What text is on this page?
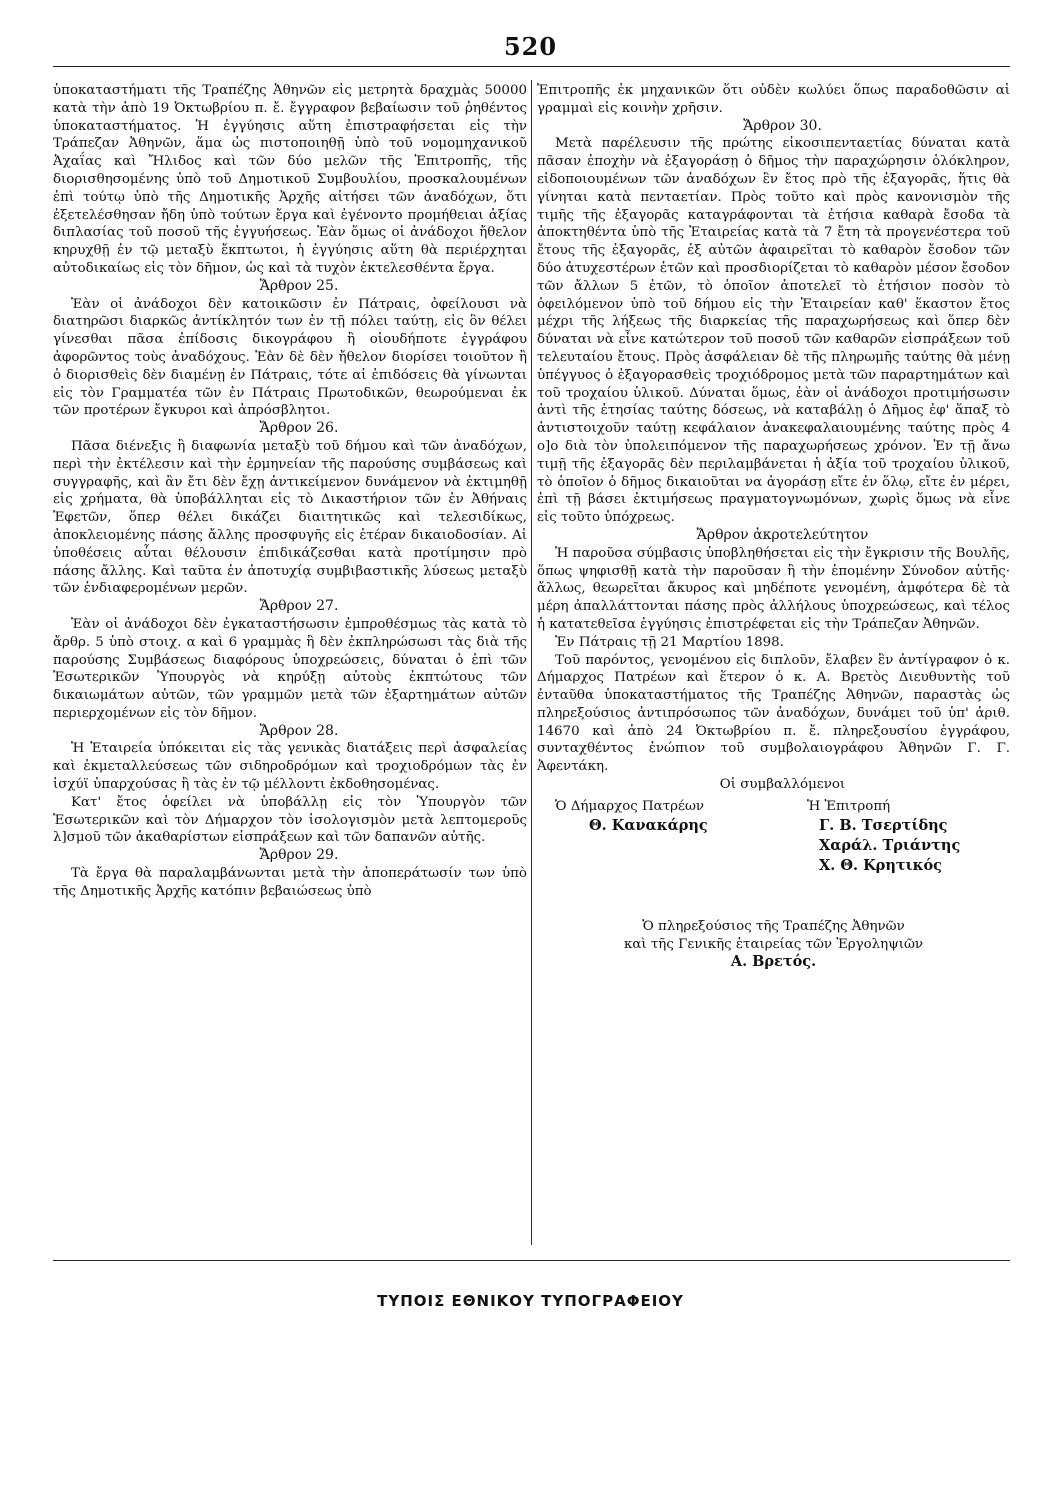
520

ὑποκαταστήματι τῆς Τραπέζης Ἀθηνῶν εἰς μετρητὰ δραχμὰς 50000 κατὰ τὴν ἀπὸ 19 Ὀκτωβρίου π. ἔ. ἔγγραφον βεβαίωσιν τοῦ ῥηθέντος ὑποκαταστήματος. Ἡ ἐγγύησις αὕτη ἐπιστραφήσεται εἰς τὴν Τράπεζαν Ἀθηνῶν, ἅμα ὡς πιστοποιηθῇ ὑπὸ τοῦ νομομηχανικοῦ Ἀχαΐας καὶ Ἤλιδος καὶ τῶν δύο μελῶν τῆς Ἐπιτροπῆς, τῆς διορισθησομένης ὑπὸ τοῦ Δημοτικοῦ Συμβουλίου, προσκαλουμένων ἐπὶ τούτῳ ὑπὸ τῆς Δημοτικῆς Ἀρχῆς αἰτήσει τῶν ἀναδόχων, ὅτι ἐξετελέσθησαν ἤδη ὑπὸ τούτων ἔργα καὶ ἐγένοντο προμήθειαι ἀξίας διπλασίας τοῦ ποσοῦ τῆς ἐγγυήσεως. Ἐὰν ὅμως οἱ ἀνάδοχοι ἤθελον κηρυχθῇ ἐν τῷ μεταξὺ ἔκπτωτοι, ἡ ἐγγύησις αὕτη θὰ περιέρχηται αὐτοδικαίως εἰς τὸν δῆμον, ὡς καὶ τὰ τυχὸν ἐκτελεσθέντα ἔργα.

Ἄρθρον 25.

Ἐὰν οἱ ἀνάδοχοι δὲν κατοικῶσιν ἐν Πάτραις, ὀφείλουσι νὰ διατηρῶσι διαρκῶς ἀντίκλητόν των ἐν τῇ πόλει ταύτῃ, εἰς ὃν θέλει γίνεσθαι πᾶσα ἐπίδοσις δικογράφου ἢ οἱουδήποτε ἐγγράφου ἀφορῶντος τοὺς ἀναδόχους. Ἐὰν δὲ δὲν ἤθελον διορίσει τοιοῦτον ἢ ὁ διορισθεὶς δὲν διαμένῃ ἐν Πάτραις, τότε αἱ ἐπιδόσεις θὰ γίνωνται εἰς τὸν Γραμματέα τῶν ἐν Πάτραις Πρωτοδικῶν, θεωρούμεναι ἐκ τῶν προτέρων ἔγκυροι καὶ ἀπρόσβλητοι.

Ἄρθρον 26.

Πᾶσα διένεξις ἢ διαφωνία μεταξὺ τοῦ δήμου καὶ τῶν ἀναδόχων, περὶ τὴν ἐκτέλεσιν καὶ τὴν ἑρμηνείαν τῆς παρούσης συμβάσεως καὶ συγγραφῆς, καὶ ἂν ἔτι δὲν ἔχῃ ἀντικείμενον δυνάμενον νὰ ἐκτιμηθῇ εἰς χρήματα, θὰ ὑποβάλληται εἰς τὸ Δικαστήριον τῶν ἐν Ἀθήναις Ἐφετῶν, ὅπερ θέλει δικάζει διαιτητικῶς καὶ τελεσιδίκως, ἀποκλειομένης πάσης ἄλλης προσφυγῆς εἰς ἑτέραν δικαιοδοσίαν. Αἱ ὑποθέσεις αὗται θέλουσιν ἐπιδικάζεσθαι κατὰ προτίμησιν πρὸ πάσης ἄλλης. Καὶ ταῦτα ἐν ἀποτυχίᾳ συμβιβαστικῆς λύσεως μεταξὺ τῶν ἐνδιαφερομένων μερῶν.

Ἄρθρον 27.

Ἐὰν οἱ ἀνάδοχοι δὲν ἐγκαταστήσωσιν ἐμπροθέσμως τὰς κατὰ τὸ ἄρθρ. 5 ὑπὸ στοιχ. α καὶ 6 γραμμὰς ἢ δὲν ἐκπληρώσωσι τὰς διὰ τῆς παρούσης Συμβάσεως διαφόρους ὑποχρεώσεις, δύναται ὁ ἐπὶ τῶν Ἐσωτερικῶν Ὑπουργὸς νὰ κηρύξῃ αὐτοὺς ἐκπτώτους τῶν δικαιωμάτων αὐτῶν, τῶν γραμμῶν μετὰ τῶν ἐξαρτημάτων αὐτῶν περιερχομένων εἰς τὸν δῆμον.

Ἄρθρον 28.

Ἡ Ἑταιρεία ὑπόκειται εἰς τὰς γενικὰς διατάξεις περὶ ἀσφαλείας καὶ ἐκμεταλλεύσεως τῶν σιδηροδρόμων καὶ τροχιοδρόμων τὰς ἐν ἰσχύϊ ὑπαρχούσας ἢ τὰς ἐν τῷ μέλλοντι ἐκδοθησομένας.

Κατ' ἔτος ὀφείλει νὰ ὑποβάλλῃ εἰς τὸν Ὑπουργὸν τῶν Ἐσωτερικῶν καὶ τὸν Δήμαρχον τὸν ἰσολογισμὸν μετὰ λεπτομεροῦς λ]σμοῦ τῶν ἀκαθαρίστων εἰσπράξεων καὶ τῶν δαπανῶν αὐτῆς.

Ἄρθρον 29.

Τὰ ἔργα θὰ παραλαμβάνωνται μετὰ τὴν ἀποπεράτωσίν των ὑπὸ τῆς Δημοτικῆς Ἀρχῆς κατόπιν βεβαιώσεως ὑπὸ

Ἐπιτροπῆς ἐκ μηχανικῶν ὅτι οὐδὲν κωλύει ὅπως παραδοθῶσιν αἱ γραμμαὶ εἰς κοινὴν χρῆσιν.

Ἄρθρον 30.

Μετὰ παρέλευσιν τῆς πρώτης εἰκοσιπενταετίας δύναται κατὰ πᾶσαν ἐποχὴν νὰ ἐξαγοράσῃ ὁ δῆμος τὴν παραχώρησιν ὁλόκληρον, εἰδοποιουμένων τῶν ἀναδόχων ἓν ἔτος πρὸ τῆς ἐξαγορᾶς, ἥτις θὰ γίνηται κατὰ πενταετίαν. Πρὸς τοῦτο καὶ πρὸς κανονισμὸν τῆς τιμῆς τῆς ἐξαγορᾶς καταγράφονται τὰ ἐτήσια καθαρὰ ἔσοδα τὰ ἀποκτηθέντα ὑπὸ τῆς Ἑταιρείας κατὰ τὰ 7 ἔτη τὰ προγενέστερα τοῦ ἔτους τῆς ἐξαγορᾶς, ἐξ αὐτῶν ἀφαιρεῖται τὸ καθαρὸν ἔσοδον τῶν δύο ἀτυχεστέρων ἐτῶν καὶ προσδιορίζεται τὸ καθαρὸν μέσον ἔσοδον τῶν ἄλλων 5 ἐτῶν, τὸ ὁποῖον ἀποτελεῖ τὸ ἐτήσιον ποσὸν τὸ ὀφειλόμενον ὑπὸ τοῦ δήμου εἰς τὴν Ἑταιρείαν καθ' ἕκαστον ἔτος μέχρι τῆς λήξεως τῆς διαρκείας τῆς παραχωρήσεως καὶ ὅπερ δὲν δύναται νὰ εἶνε κατώτερον τοῦ ποσοῦ τῶν καθαρῶν εἰσπράξεων τοῦ τελευταίου ἔτους. Πρὸς ἀσφάλειαν δὲ τῆς πληρωμῆς ταύτης θὰ μένῃ ὑπέγγυος ὁ ἐξαγορασθεὶς τροχιόδρομος μετὰ τῶν παραρτημάτων καὶ τοῦ τροχαίου ὑλικοῦ. Δύναται ὅμως, ἐὰν οἱ ἀνάδοχοι προτιμήσωσιν ἀντὶ τῆς ἐτησίας ταύτης δόσεως, νὰ καταβάλῃ ὁ Δῆμος ἐφ' ἅπαξ τὸ ἀντιστοιχοῦν ταύτῃ κεφάλαιον ἀνακεφαλαιουμένης ταύτης πρὸς 4 ο]ο διὰ τὸν ὑπολειπόμενον τῆς παραχωρήσεως χρόνον. Ἐν τῇ ἄνω τιμῇ τῆς ἐξαγορᾶς δὲν περιλαμβάνεται ἡ ἀξία τοῦ τροχαίου ὑλικοῦ, τὸ ὁποῖον ὁ δῆμος δικαιοῦται να ἀγοράσῃ εἴτε ἐν ὅλῳ, εἴτε ἐν μέρει, ἐπὶ τῇ βάσει ἐκτιμήσεως πραγματογνωμόνων, χωρὶς ὅμως νὰ εἶνε εἰς τοῦτο ὑπόχρεως.

Ἄρθρον ἀκροτελεύτητον

Ἡ παροῦσα σύμβασις ὑποβληθήσεται εἰς τὴν ἔγκρισιν τῆς Βουλῆς, ὅπως ψηφισθῇ κατὰ τὴν παροῦσαν ἢ τὴν ἑπομένην Σύνοδον αὐτῆς· ἄλλως, θεωρεῖται ἄκυρος καὶ μηδέποτε γενομένη, ἀμφότερα δὲ τὰ μέρη ἀπαλλάττονται πάσης πρὸς ἀλλήλους ὑποχρεώσεως, καὶ τέλος ἡ κατατεθεῖσα ἐγγύησις ἐπιστρέφεται εἰς τὴν Τράπεζαν Ἀθηνῶν.

Ἐν Πάτραις τῇ 21 Μαρτίου 1898.

Τοῦ παρόντος, γενομένου εἰς διπλοῦν, ἔλαβεν ἓν ἀντίγραφον ὁ κ. Δήμαρχος Πατρέων καὶ ἕτερον ὁ κ. Α. Βρετὸς Διευθυντὴς τοῦ ἐνταῦθα ὑποκαταστήματος τῆς Τραπέζης Ἀθηνῶν, παραστὰς ὡς πληρεξούσιος ἀντιπρόσωπος τῶν ἀναδόχων, δυνάμει τοῦ ὑπ' ἀριθ. 14670 καὶ ἀπὸ 24 Ὀκτωβρίου π. ἔ. πληρεξουσίου ἐγγράφου, συνταχθέντος ἐνώπιον τοῦ συμβολαιογράφου Ἀθηνῶν Γ. Γ. Ἀφεντάκη.

Οἱ συμβαλλόμενοι

Ὁ Δήμαρχος Πατρέων
Θ. Κανακάρης
Ἡ Ἐπιτροπή
Γ. Β. Τσερτίδης
Χαράλ. Τριάντης
Χ. Θ. Κρητικός
Ὁ πληρεξούσιος τῆς Τραπέζης Ἀθηνῶν
καὶ τῆς Γενικῆς ἑταιρείας τῶν Ἐργοληψιῶν
Α. Βρετός.
ΤΥΠΟΙΣ ΕΘΝΙΚΟΥ ΤΥΠΟΓΡΑΦΕΙΟΥ
